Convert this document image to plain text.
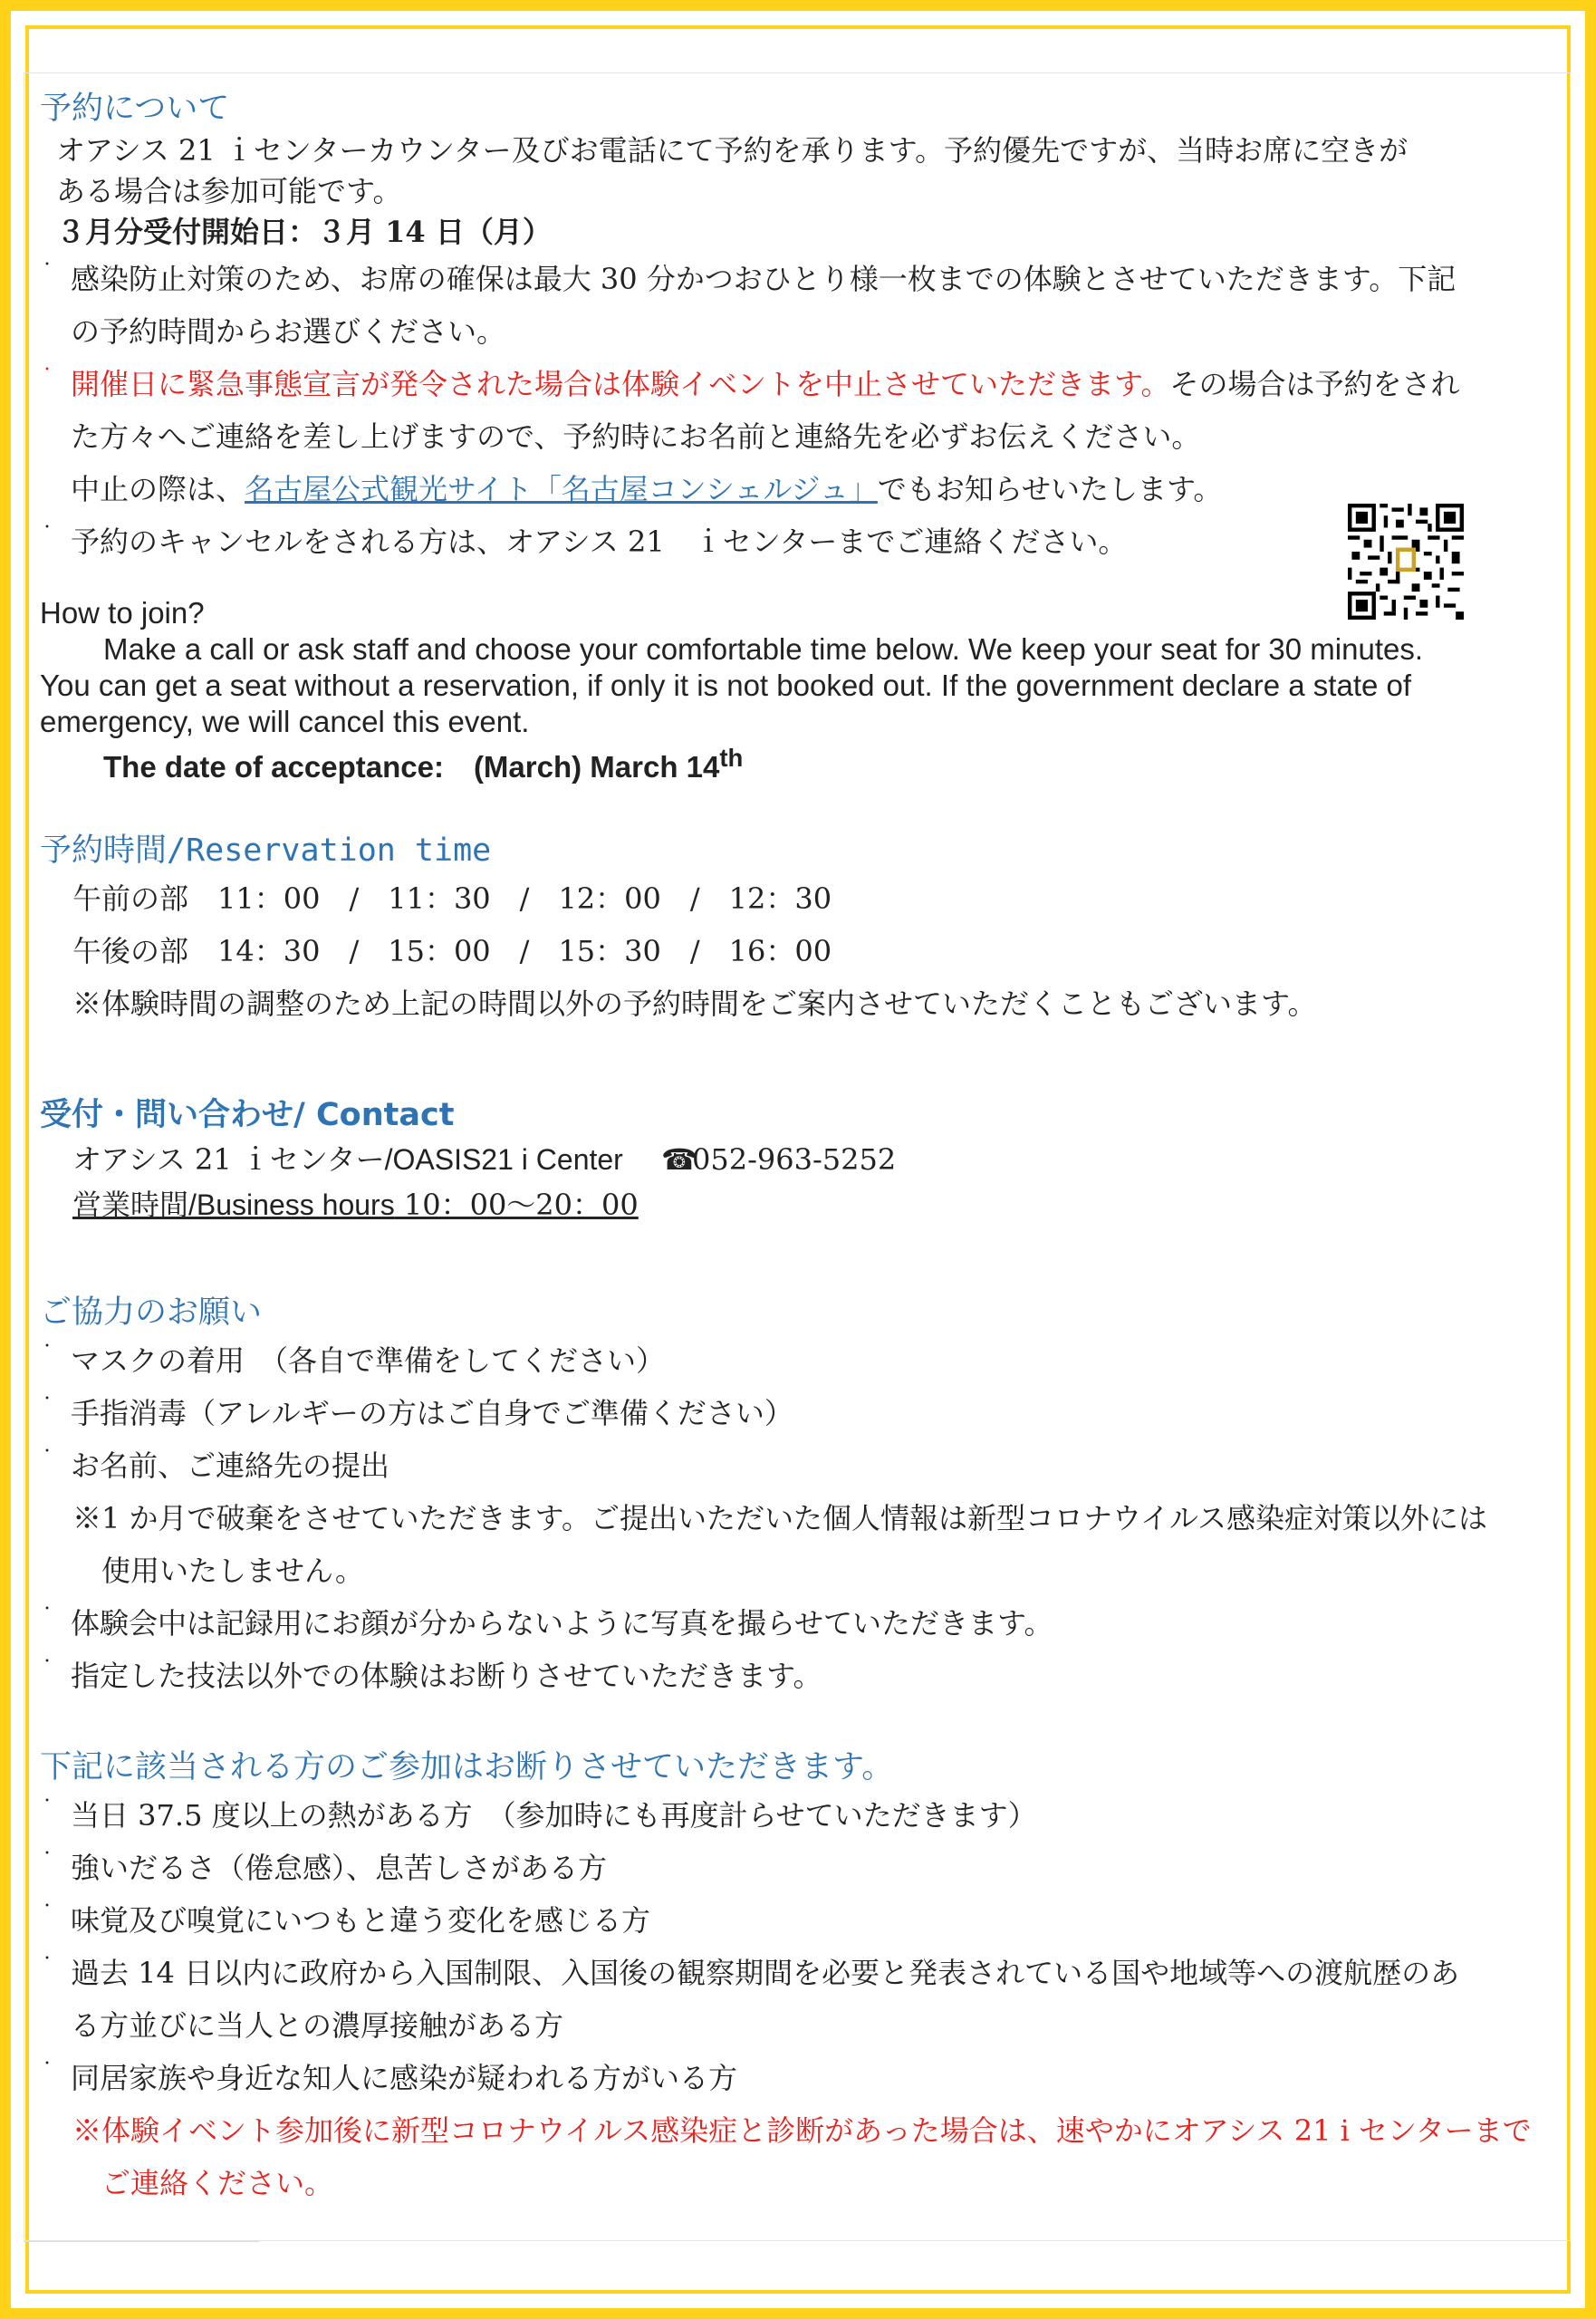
予約について

オアシス 21 ｉセンターカウンター及びお電話にて予約を承ります。予約優先ですが、当時お席に空きが

ある場合は参加可能です。

３月分受付開始日：３月 14 日（月）

・ 感染防止対策のため、お席の確保は最大 30 分かつおひとり様一枚までの体験とさせていただきます。下記
の予約時間からお選びください。
・ 開催日に緊急事態宣言が発令された場合は体験イベントを中止させていただきます。その場合は予約をされ
た方々へご連絡を差し上げますので、予約時にお名前と連絡先を必ずお伝えください。
中止の際は、名古屋公式観光サイト「名古屋コンシェルジュ」でもお知らせいたします。
・ 予約のキャンセルをされる方は、オアシス 21　ｉセンターまでご連絡ください。

How to join?

Make a call or ask staff and choose your comfortable time below. We keep your seat for 30 minutes.

You can get a seat without a reservation, if only it is not booked out. If the government declare a state of

emergency, we will cancel this event.

The date of acceptance:　(March) March 14th

予約時間/Reservation time

午前の部　11：00　/　11：30　/　12：00　/　12：30

午後の部　14：30　/　15：00　/　15：30　/　16：00

※体験時間の調整のため上記の時間以外の予約時間をご案内させていただくこともございます。

受付・問い合わせ/ Contact

オアシス 21 ｉセンター/OASIS21 i Center　 ☎052-963-5252

営業時間/Business hours 10：00～20：00

ご協力のお願い
・ マスクの着用　（各自で準備をしてください）
・ 手指消毒（アレルギーの方はご自身でご準備ください）
・ お名前、ご連絡先の提出

※1 か月で破棄をさせていただきます。ご提出いただいた個人情報は新型コロナウイルス感染症対策以外には

使用いたしません。

・ 体験会中は記録用にお顔が分からないように写真を撮らせていただきます。
・ 指定した技法以外での体験はお断りさせていただきます。
下記に該当される方のご参加はお断りさせていただきます。
・ 当日 37.5 度以上の熱がある方　（参加時にも再度計らせていただきます）
・ 強いだるさ（倦怠感）、息苦しさがある方
・ 味覚及び嗅覚にいつもと違う変化を感じる方
・ 過去 14 日以内に政府から入国制限、入国後の観察期間を必要と発表されている国や地域等への渡航歴のあ
る方並びに当人との濃厚接触がある方
・ 同居家族や身近な知人に感染が疑われる方がいる方

※体験イベント参加後に新型コロナウイルス感染症と診断があった場合は、速やかにオアシス 21 i センターまで

ご連絡ください。
